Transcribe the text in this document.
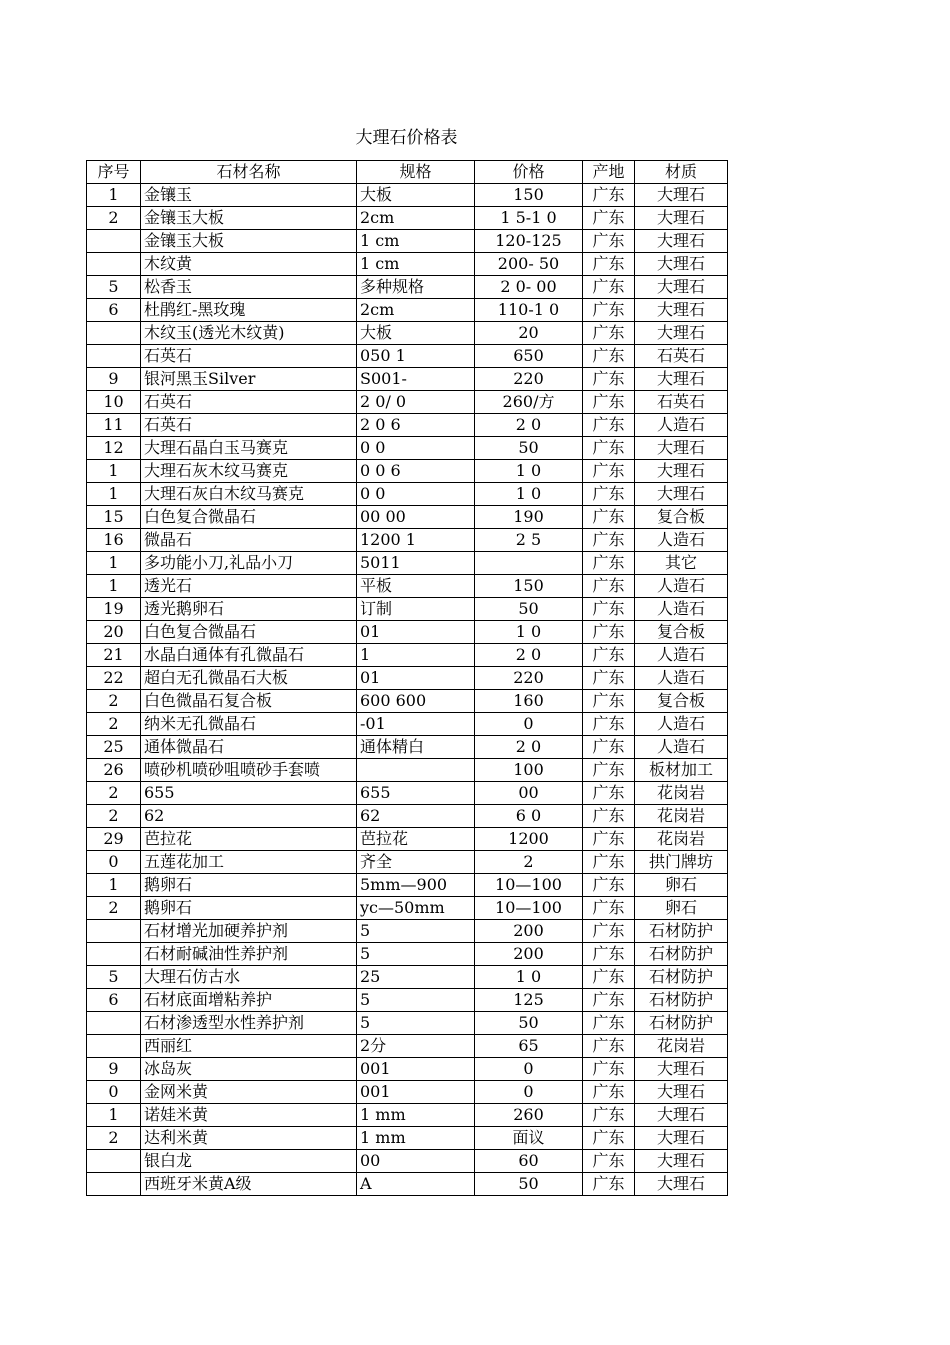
大理石价格表
序号	石材名称	规格	价格	产地	材质
1	金镶玉	大板	150	广东	大理石
2	金镶玉大板	2cm	1 5-1 0	广东	大理石
	金镶玉大板	1 cm	120-125	广东	大理石
	木纹黄	1 cm	200- 50	广东	大理石
5	松香玉	多种规格	2 0- 00	广东	大理石
6	杜鹃红-黑玫瑰	2cm	110-1 0	广东	大理石
	木纹玉(透光木纹黄)	大板	20	广东	大理石
	石英石	050 1	650	广东	石英石
9	银河黑玉Silver	S001-	220	广东	大理石
10	石英石	2 0/ 0	260/方	广东	石英石
11	石英石	2 0 6	2 0	广东	人造石
12	大理石晶白玉马赛克	0 0	50	广东	大理石
1	大理石灰木纹马赛克	0 0 6	1 0	广东	大理石
1	大理石灰白木纹马赛克	0 0	1 0	广东	大理石
15	白色复合微晶石	00 00	190	广东	复合板
16	微晶石	1200 1	2 5	广东	人造石
1	多功能小刀,礼品小刀	5011		广东	其它
1	透光石	平板	150	广东	人造石
19	透光鹅卵石	订制	50	广东	人造石
20	白色复合微晶石	01	1 0	广东	复合板
21	水晶白通体有孔微晶石	1	2 0	广东	人造石
22	超白无孔微晶石大板	01	220	广东	人造石
2	白色微晶石复合板	600 600	160	广东	复合板
2	纳米无孔微晶石	-01	0	广东	人造石
25	通体微晶石	通体精白	2 0	广东	人造石
26	喷砂机喷砂咀喷砂手套喷		100	广东	板材加工
2	655	655	00	广东	花岗岩
2	62	62	6 0	广东	花岗岩
29	芭拉花	芭拉花	1200	广东	花岗岩
0	五莲花加工	齐全	2	广东	拱门牌坊
1	鹅卵石	5mm—900	10—100	广东	卵石
2	鹅卵石	yc—50mm	10—100	广东	卵石
	石材增光加硬养护剂	5	200	广东	石材防护
	石材耐碱油性养护剂	5	200	广东	石材防护
5	大理石仿古水	25	1 0	广东	石材防护
6	石材底面增粘养护	5	125	广东	石材防护
	石材渗透型水性养护剂	5	50	广东	石材防护
	西丽红	2分	65	广东	花岗岩
9	冰岛灰	001	0	广东	大理石
0	金网米黄	001	0	广东	大理石
1	诺娃米黄	1 mm	260	广东	大理石
2	达利米黄	1 mm	面议	广东	大理石
	银白龙	00	60	广东	大理石
	西班牙米黄A级	A	50	广东	大理石
